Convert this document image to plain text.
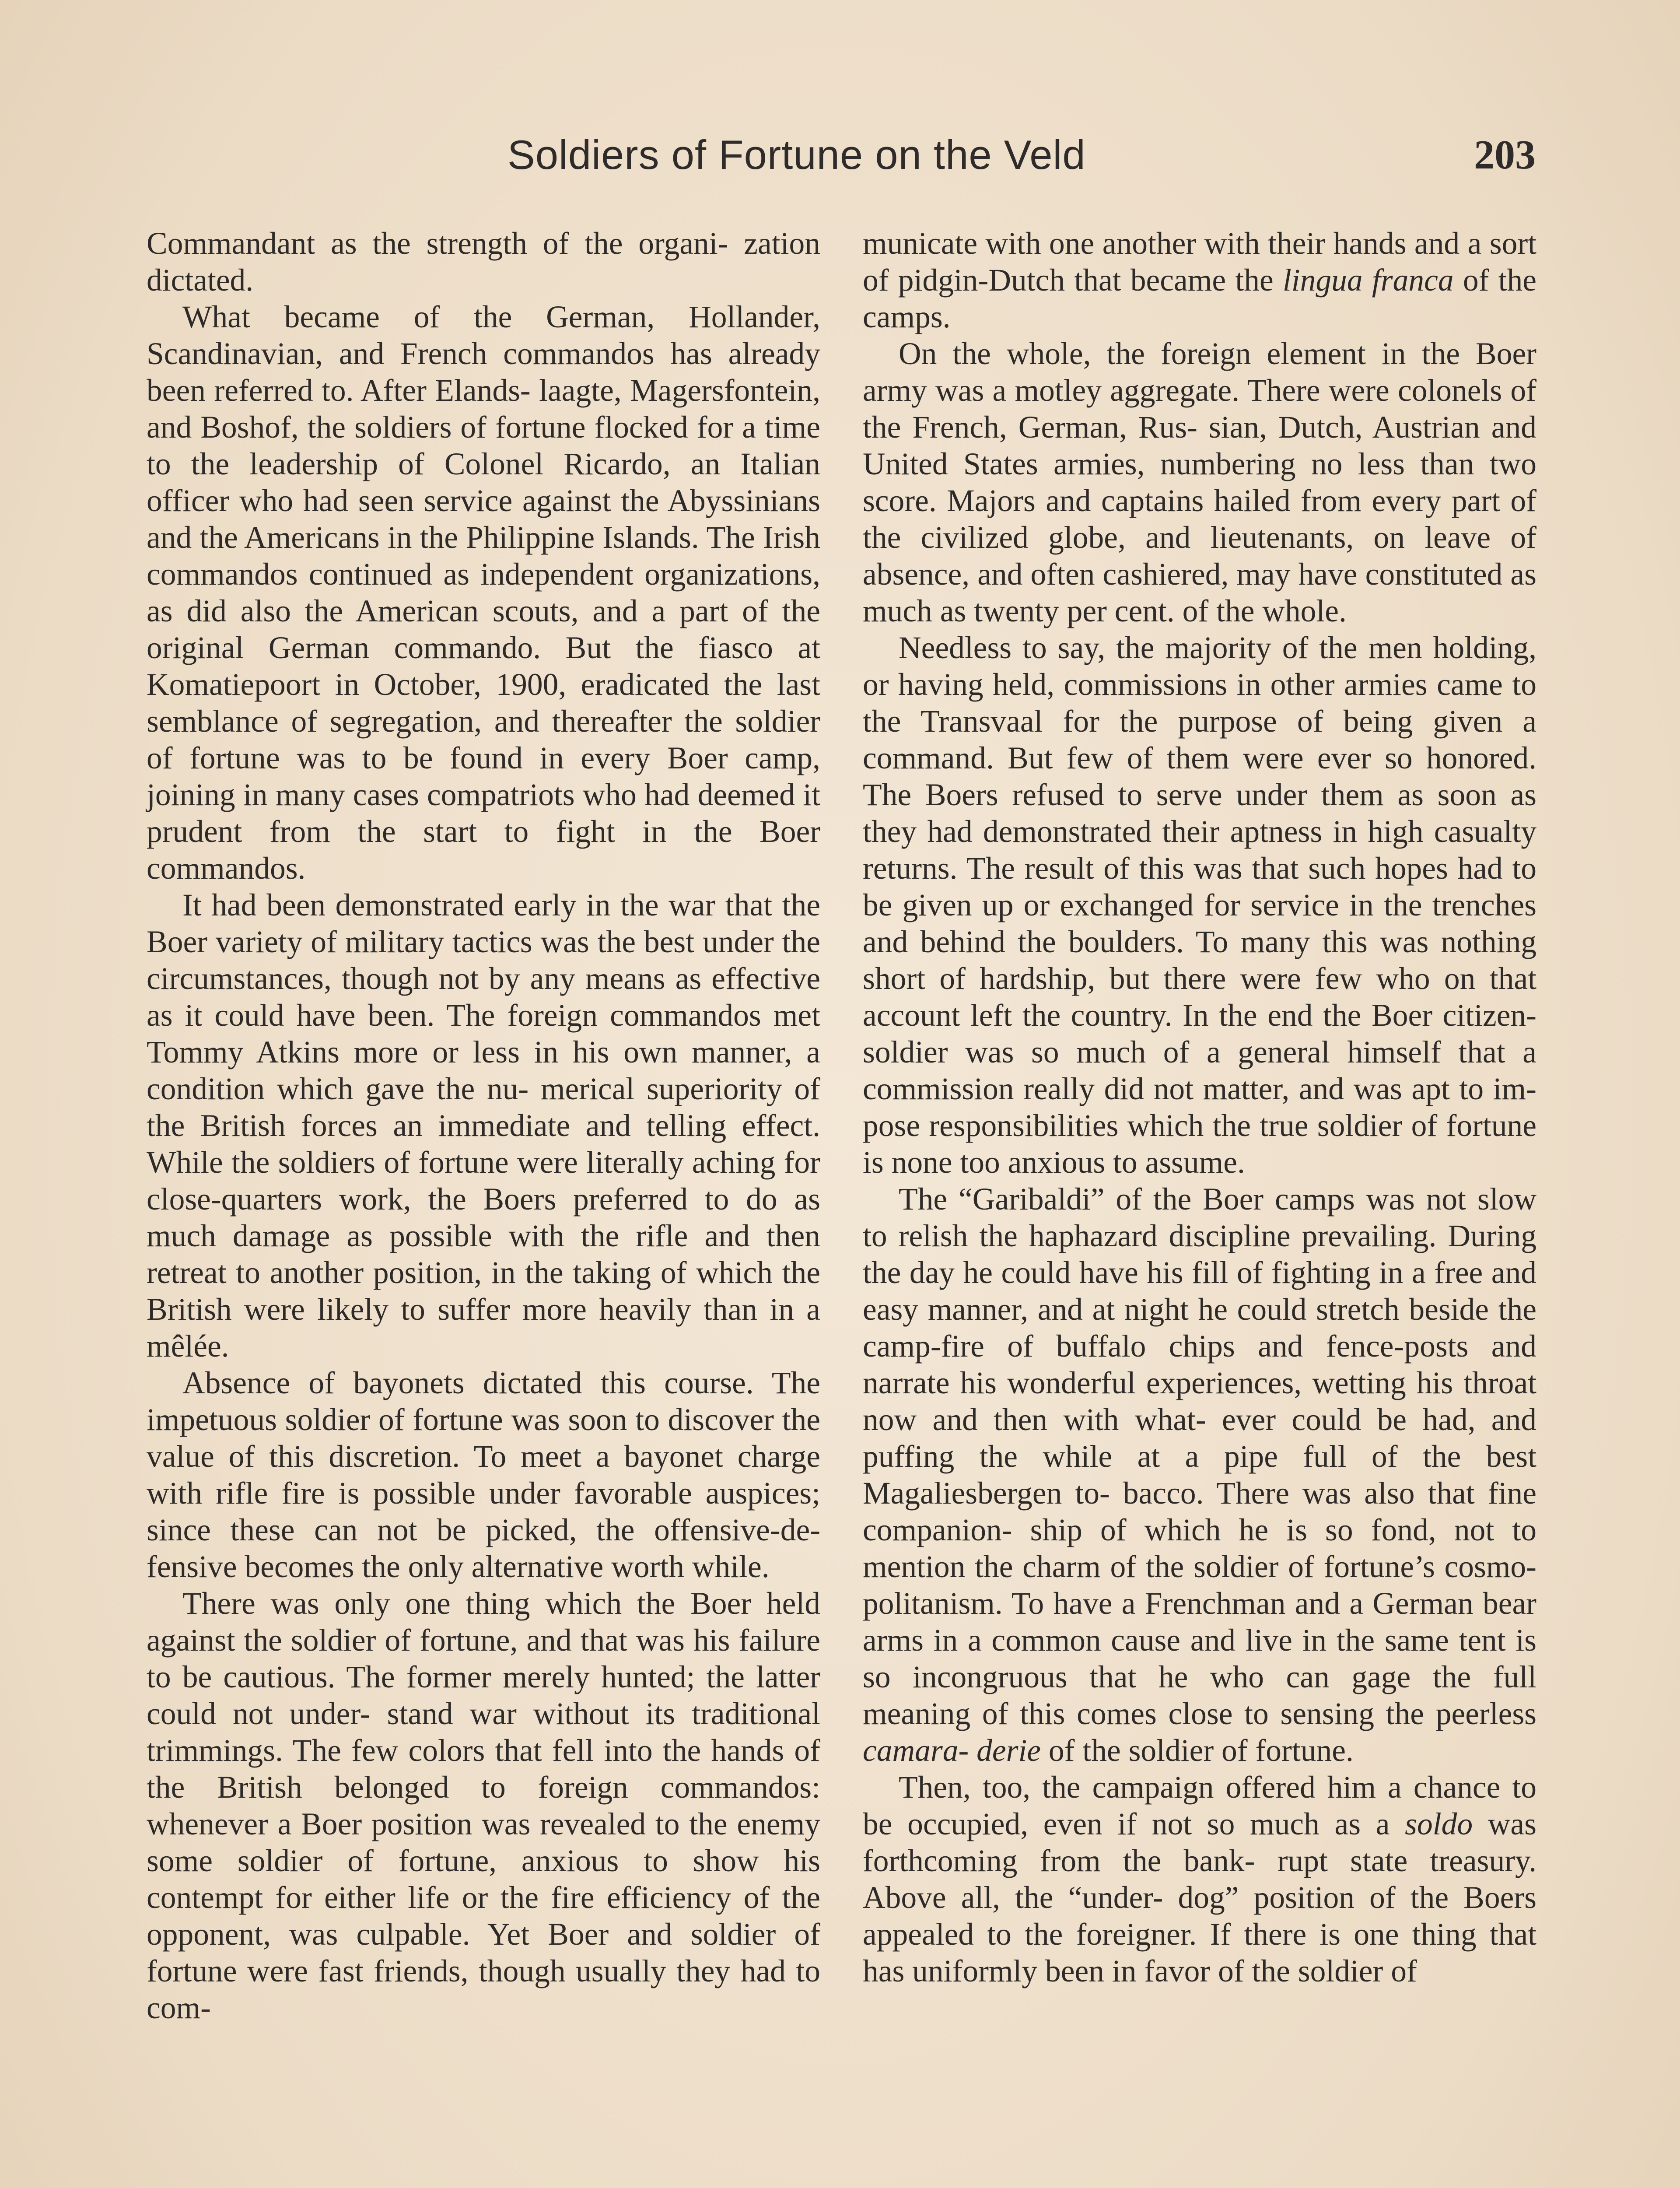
Soldiers of Fortune on the Veld	203

Commandant as the strength of the organi- zation dictated.

What became of the German, Hollander, Scandinavian, and French commandos has already been referred to. After Elands- laagte, Magersfontein, and Boshof, the soldiers of fortune flocked for a time to the leadership of Colonel Ricardo, an Italian officer who had seen service against the Abyssinians and the Americans in the Philippine Islands. The Irish commandos continued as independent organizations, as did also the American scouts, and a part of the original German commando. But the fiasco at Komatiepoort in October, 1900, eradicated the last semblance of segregation, and thereafter the soldier of fortune was to be found in every Boer camp, joining in many cases compatriots who had deemed it prudent from the start to fight in the Boer commandos.

It had been demonstrated early in the war that the Boer variety of military tactics was the best under the circumstances, though not by any means as effective as it could have been. The foreign commandos met Tommy Atkins more or less in his own manner, a condition which gave the nu- merical superiority of the British forces an immediate and telling effect. While the soldiers of fortune were literally aching for close-quarters work, the Boers preferred to do as much damage as possible with the rifle and then retreat to another position, in the taking of which the British were likely to suffer more heavily than in a mêlée.

Absence of bayonets dictated this course. The impetuous soldier of fortune was soon to discover the value of this discretion. To meet a bayonet charge with rifle fire is possible under favorable auspices; since these can not be picked, the offensive-de- fensive becomes the only alternative worth while.

There was only one thing which the Boer held against the soldier of fortune, and that was his failure to be cautious. The former merely hunted; the latter could not under- stand war without its traditional trimmings. The few colors that fell into the hands of the British belonged to foreign commandos: whenever a Boer position was revealed to the enemy some soldier of fortune, anxious to show his contempt for either life or the fire efficiency of the opponent, was culpable. Yet Boer and soldier of fortune were fast friends, though usually they had to com-

municate with one another with their hands and a sort of pidgin-Dutch that became the lingua franca of the camps.

On the whole, the foreign element in the Boer army was a motley aggregate. There were colonels of the French, German, Rus- sian, Dutch, Austrian and United States armies, numbering no less than two score. Majors and captains hailed from every part of the civilized globe, and lieutenants, on leave of absence, and often cashiered, may have constituted as much as twenty per cent. of the whole.

Needless to say, the majority of the men holding, or having held, commissions in other armies came to the Transvaal for the purpose of being given a command. But few of them were ever so honored. The Boers refused to serve under them as soon as they had demonstrated their aptness in high casualty returns. The result of this was that such hopes had to be given up or exchanged for service in the trenches and behind the boulders. To many this was nothing short of hardship, but there were few who on that account left the country. In the end the Boer citizen-soldier was so much of a general himself that a commission really did not matter, and was apt to im- pose responsibilities which the true soldier of fortune is none too anxious to assume.

The “Garibaldi” of the Boer camps was not slow to relish the haphazard discipline prevailing. During the day he could have his fill of fighting in a free and easy manner, and at night he could stretch beside the camp-fire of buffalo chips and fence-posts and narrate his wonderful experiences, wetting his throat now and then with what- ever could be had, and puffing the while at a pipe full of the best Magaliesbergen to- bacco. There was also that fine companion- ship of which he is so fond, not to mention the charm of the soldier of fortune’s cosmo- politanism. To have a Frenchman and a German bear arms in a common cause and live in the same tent is so incongruous that he who can gage the full meaning of this comes close to sensing the peerless camara- derie of the soldier of fortune.

Then, too, the campaign offered him a chance to be occupied, even if not so much as a soldo was forthcoming from the bank- rupt state treasury. Above all, the “under- dog” position of the Boers appealed to the foreigner. If there is one thing that has uniformly been in favor of the soldier of
